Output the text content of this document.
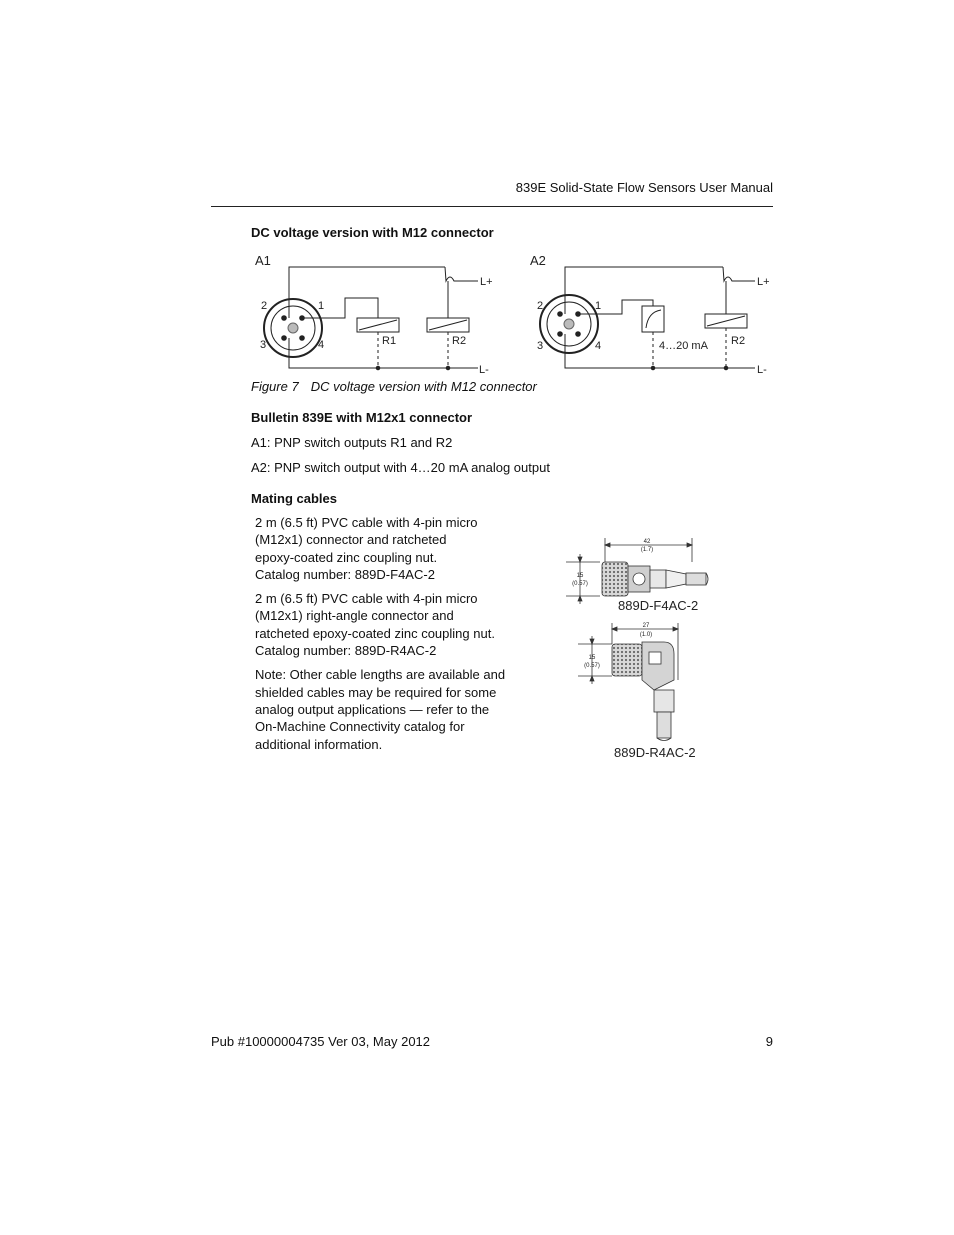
839E Solid-State Flow Sensors User Manual
DC voltage version with M12 connector
A1
2	1
3	4
L+
L-
R1	R2
A2
2	1
3	4
L+
L-
4…20 mA R2
Figure 7 DC voltage version with M12 connector
Bulletin 839E with M12x1 connector
A1: PNP switch outputs R1 and R2
A2: PNP switch output with 4…20 mA analog output
Mating cables
2 m (6.5 ft) PVC cable with 4-pin micro
(M12x1) connector and ratcheted
epoxy-coated zinc coupling nut.
Catalog number: 889D-F4AC-2
2 m (6.5 ft) PVC cable with 4-pin micro
(M12x1) right-angle connector and
ratcheted epoxy-coated zinc coupling nut.
Catalog number: 889D-R4AC-2
Note: Other cable lengths are available and
shielded cables may be required for some
analog output applications — refer to the
On-Machine Connectivity catalog for
additional information.
42
(1.7)
15
(0.57)
889D-F4AC-2
27
(1.0)
15
(0.57)
889D-R4AC-2
Pub #10000004735 Ver 03, May 2012	9
